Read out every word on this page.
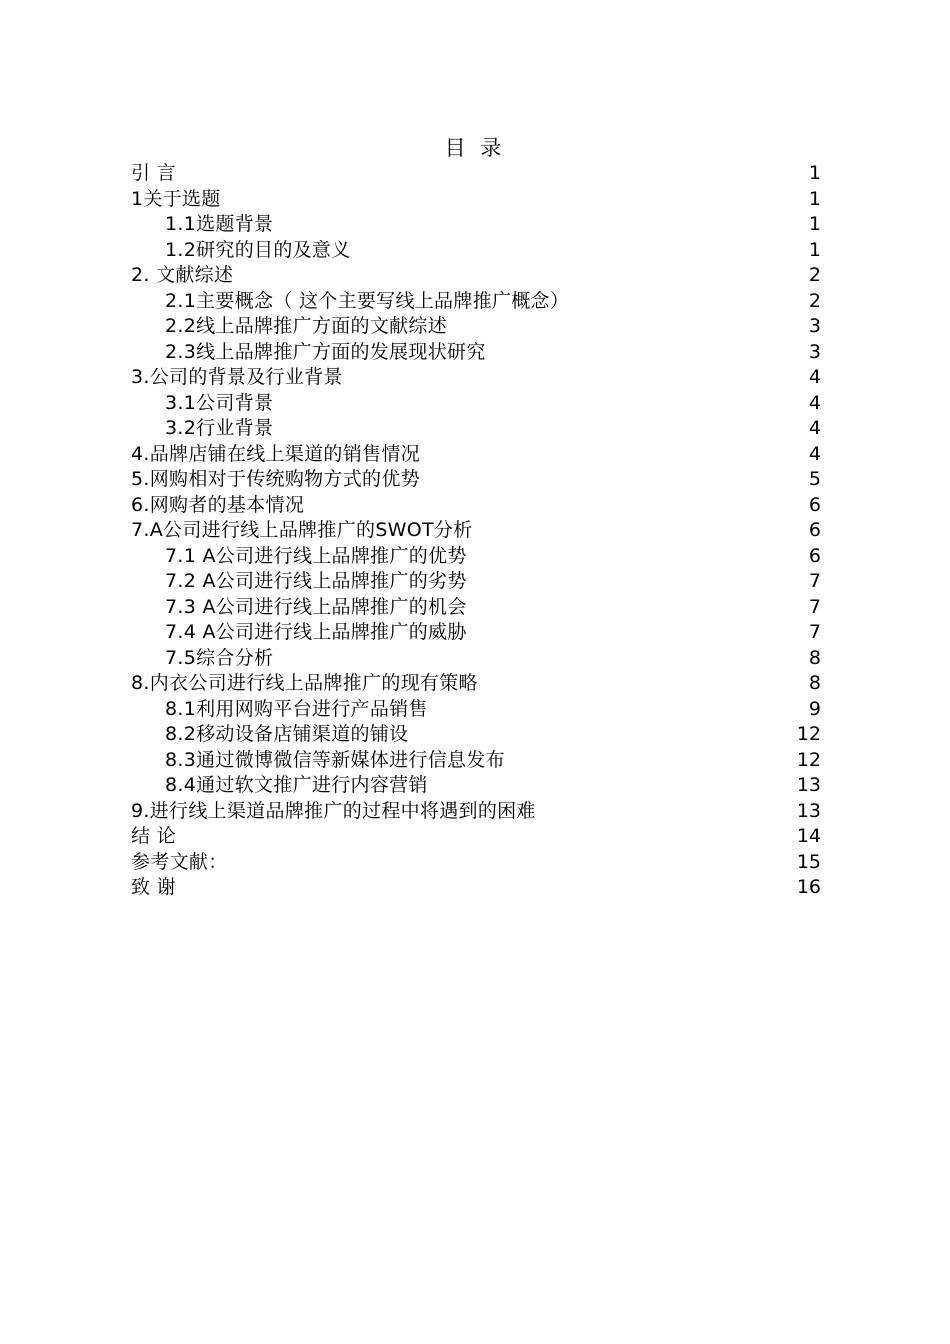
目 录
引 言	1
1关于选题	1
1.1选题背景	1
1.2研究的目的及意义	1
2. 文献综述	2
2.1主要概念（ 这个主要写线上品牌推广概念）	2
2.2线上品牌推广方面的文献综述	3
2.3线上品牌推广方面的发展现状研究	3
3.公司的背景及行业背景	4
3.1公司背景	4
3.2行业背景	4
4.品牌店铺在线上渠道的销售情况	4
5.网购相对于传统购物方式的优势	5
6.网购者的基本情况	6
7.A公司进行线上品牌推广的SWOT分析	6
7.1 A公司进行线上品牌推广的优势	6
7.2 A公司进行线上品牌推广的劣势	7
7.3 A公司进行线上品牌推广的机会	7
7.4 A公司进行线上品牌推广的威胁	7
7.5综合分析	8
8.内衣公司进行线上品牌推广的现有策略	8
8.1利用网购平台进行产品销售	9
8.2移动设备店铺渠道的铺设	12
8.3通过微博微信等新媒体进行信息发布	12
8.4通过软文推广进行内容营销	13
9.进行线上渠道品牌推广的过程中将遇到的困难	13
结 论	14
参考文献：	15
致 谢	16
